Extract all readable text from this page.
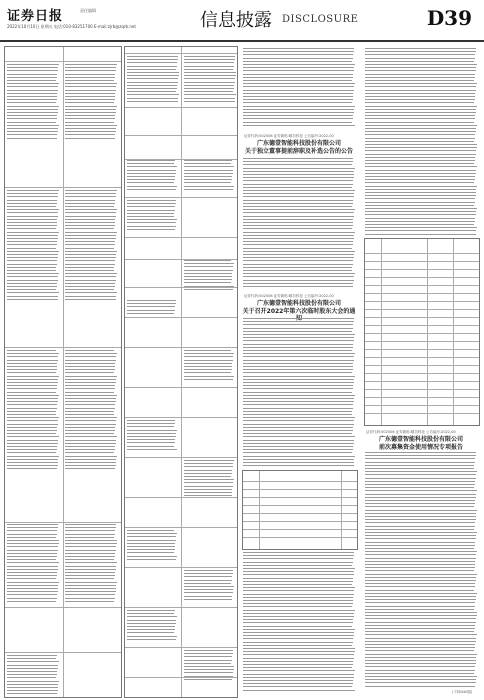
证券日报	责任编辑
2022年10月10日 星期五 电话:010-83251700 E-mail:zjrb@zqrb.net	信息披露 DISCLOSURE	D39
证券代码:002006 证券简称:精功科技 公告编号:2022-00
广东德壹智能科技股份有限公司
关于独立董事提前辞职及补选公告的公告
证券代码:002006 证券简称:精功科技 公告编号:2022-00
广东德壹智能科技股份有限公司
关于召开2022年第六次临时股东大会的通
证券代码:002006 证券简称:精功科技 公告编号:2022-00
广东德壹智能科技股份有限公司
前次募集资金使用情况专项报告
(下转D40版)
